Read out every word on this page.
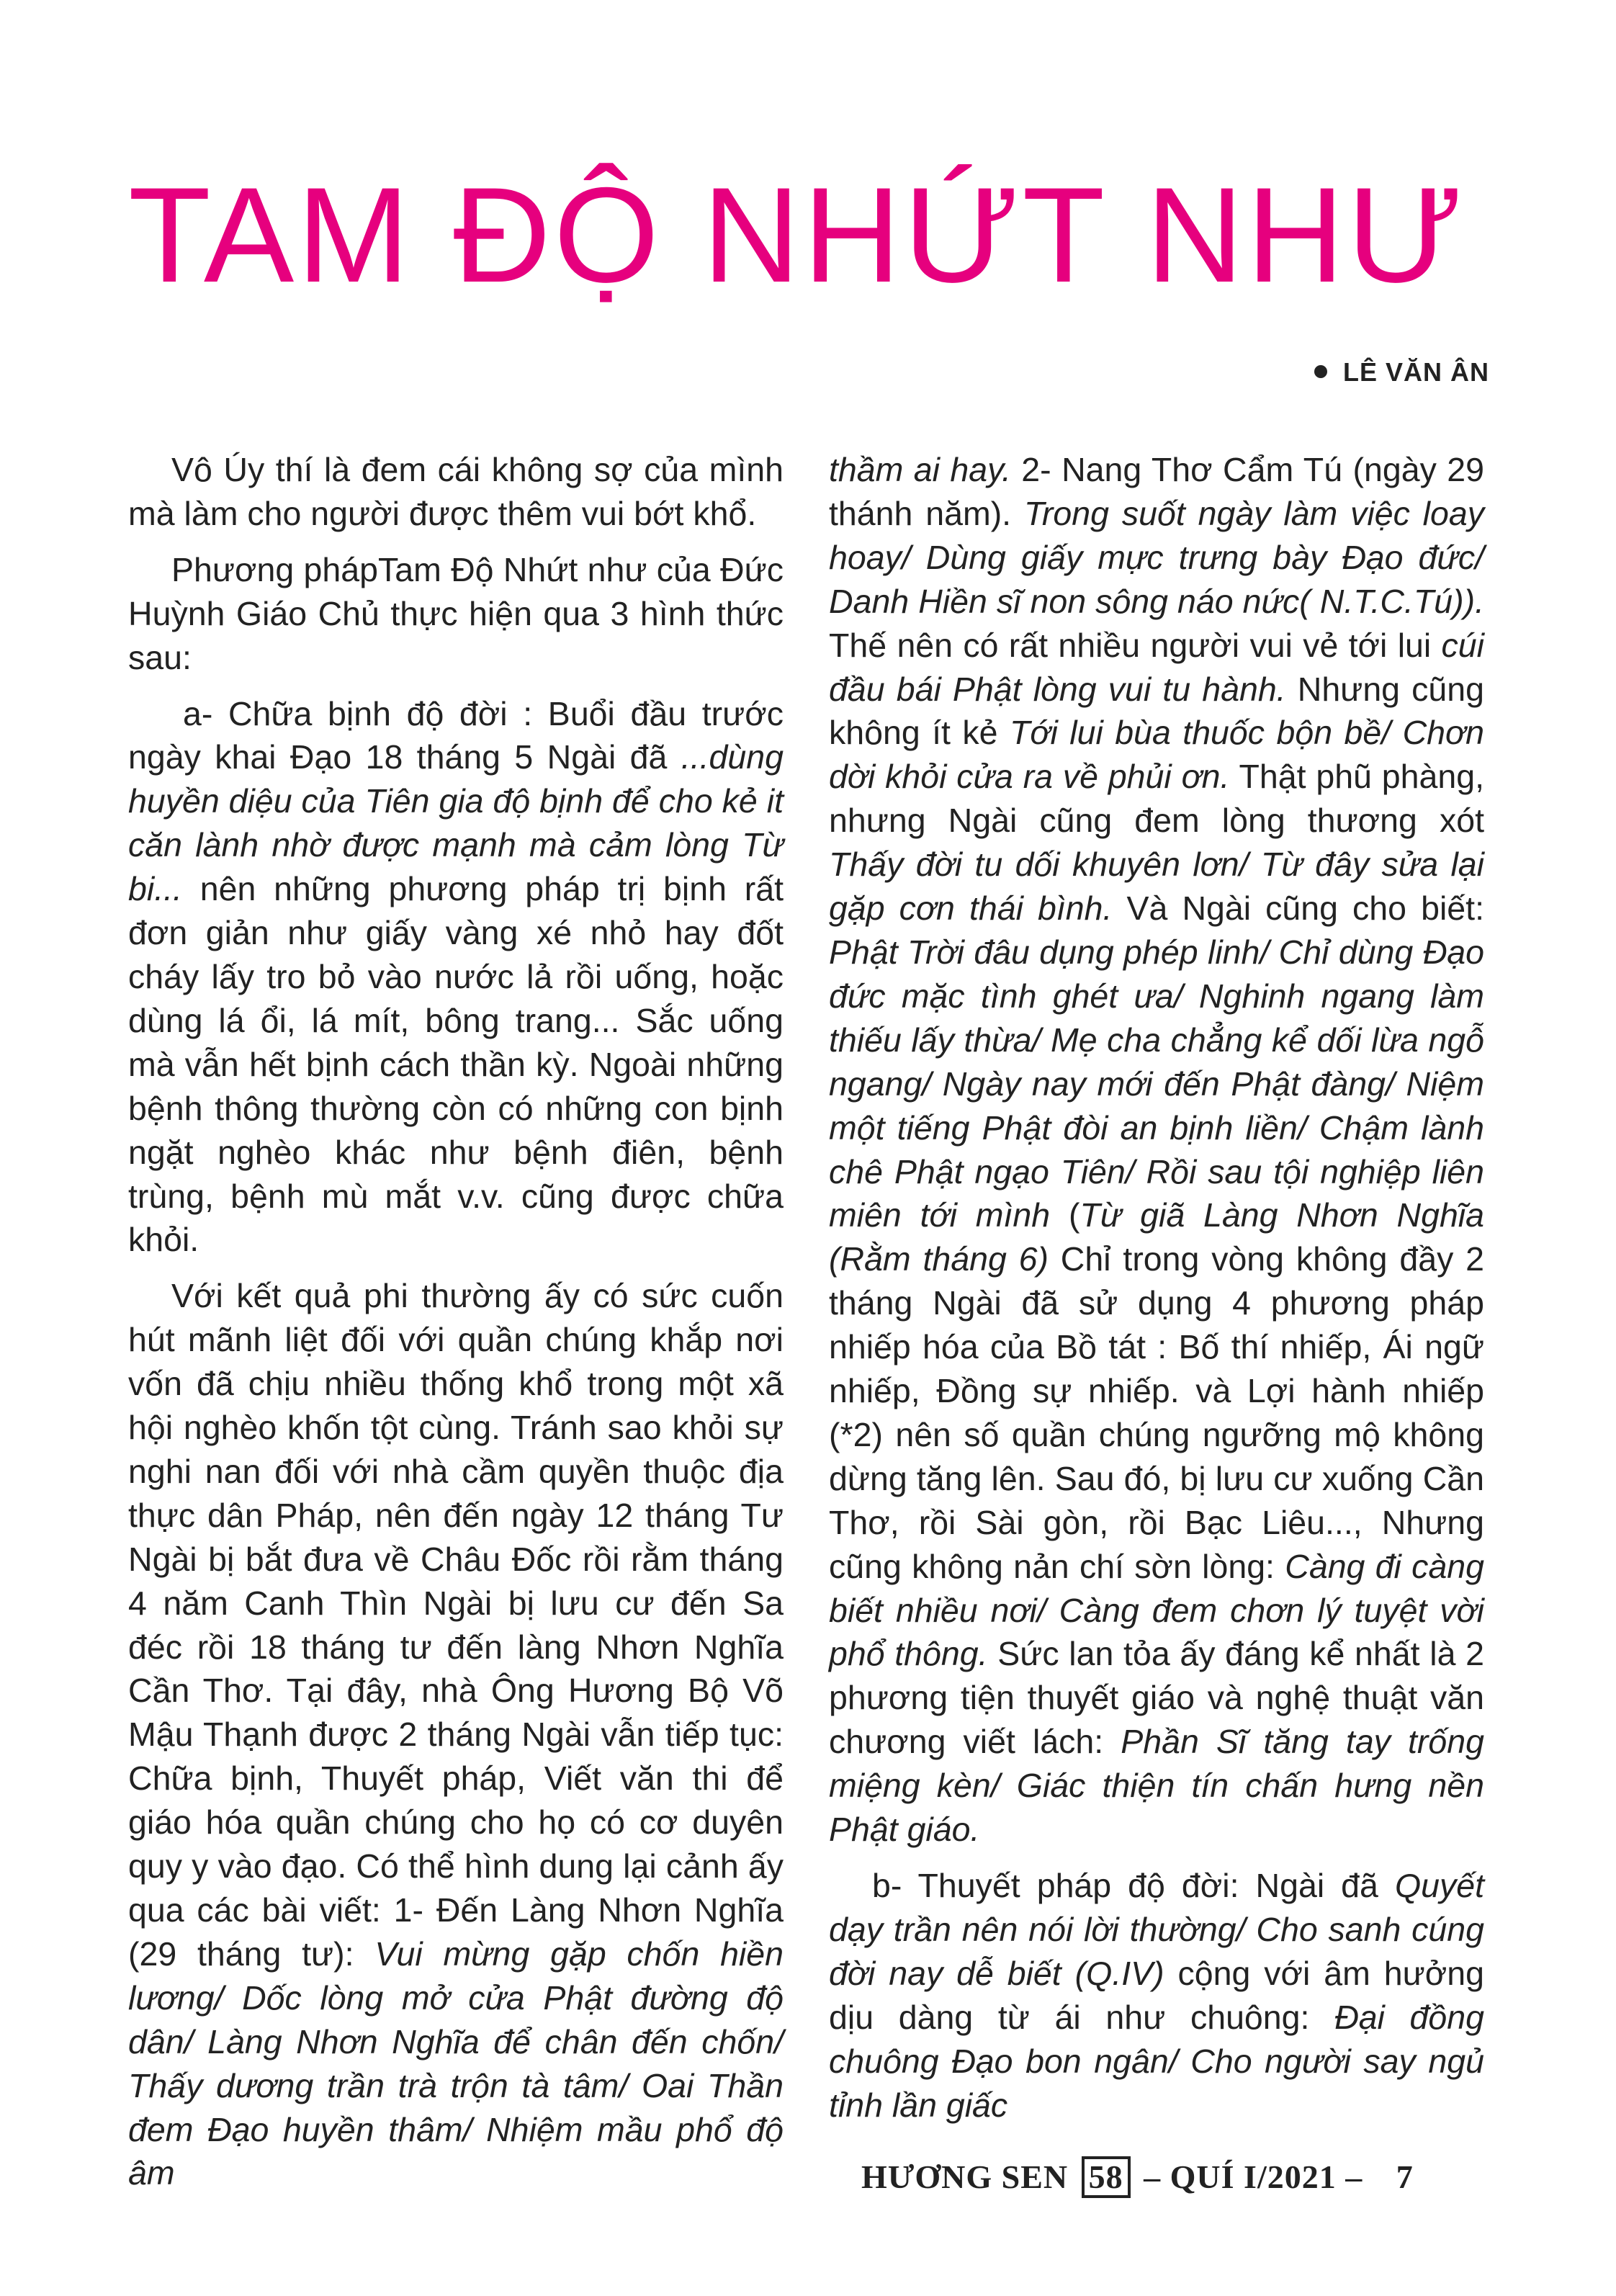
TAM ĐỘ NHỨT NHƯ
LÊ VĂN ÂN

Vô Úy thí là đem cái không sợ của mình mà làm cho người được thêm vui bớt khổ.

Phương phápTam Độ Nhứt như của Đức Huỳnh Giáo Chủ thực hiện qua 3 hình thức sau:

a- Chữa bịnh độ đời : Buổi đầu trước ngày khai Đạo 18 tháng 5 Ngài đã ...dùng huyền diệu của Tiên gia độ bịnh để cho kẻ it căn lành nhờ được mạnh mà cảm lòng Từ bi... nên những phương pháp trị bịnh rất đơn giản như giấy vàng xé nhỏ hay đốt cháy lấy tro bỏ vào nước lả rồi uống, hoặc dùng lá ổi, lá mít, bông trang... Sắc uống mà vẫn hết bịnh cách thần kỳ. Ngoài những bệnh thông thường còn có những con bịnh ngặt nghèo khác như bệnh điên, bệnh trùng, bệnh mù mắt v.v. cũng được chữa khỏi.

Với kết quả phi thường ấy có sức cuốn hút mãnh liệt đối với quần chúng khắp nơi vốn đã chịu nhiều thống khổ trong một xã hội nghèo khốn tột cùng. Tránh sao khỏi sự nghi nan đối với nhà cầm quyền thuộc địa thực dân Pháp, nên đến ngày 12 tháng Tư Ngài bị bắt đưa về Châu Đốc rồi rằm tháng 4 năm Canh Thìn Ngài bị lưu cư đến Sa đéc rồi 18 tháng tư đến làng Nhơn Nghĩa Cần Thơ. Tại đây, nhà Ông Hương Bộ Võ Mậu Thạnh được 2 tháng Ngài vẫn tiếp tục: Chữa bịnh, Thuyết pháp, Viết văn thi để giáo hóa quần chúng cho họ có cơ duyên quy y vào đạo. Có thể hình dung lại cảnh ấy qua các bài viết: 1- Đến Làng Nhơn Nghĩa (29 tháng tư): Vui mừng gặp chốn hiền lương/ Dốc lòng mở cửa Phật đường độ dân/ Làng Nhơn Nghĩa để chân đến chốn/ Thấy dương trần trà trộn tà tâm/ Oai Thần đem Đạo huyền thâm/ Nhiệm mầu phổ độ âm

thầm ai hay. 2- Nang Thơ Cẩm Tú (ngày 29 thánh năm). Trong suốt ngày làm việc loay hoay/ Dùng giấy mực trưng bày Đạo đức/ Danh Hiền sĩ non sông náo nức( N.T.C.Tú)). Thế nên có rất nhiều người vui vẻ tới lui cúi đầu bái Phật lòng vui tu hành. Nhưng cũng không ít kẻ Tới lui bùa thuốc bộn bề/ Chơn dời khỏi cửa ra về phủi ơn. Thật phũ phàng, nhưng Ngài cũng đem lòng thương xót Thấy đời tu dối khuyên lơn/ Từ đây sửa lại gặp cơn thái bình. Và Ngài cũng cho biết: Phật Trời đâu dụng phép linh/ Chỉ dùng Đạo đức mặc tình ghét ưa/ Nghinh ngang làm thiếu lấy thừa/ Mẹ cha chẳng kể dối lừa ngỗ ngang/ Ngày nay mới đến Phật đàng/ Niệm một tiếng Phật đòi an bịnh liền/ Chậm lành chê Phật ngạo Tiên/ Rồi sau tội nghiệp liên miên tới mình (Từ giã Làng Nhơn Nghĩa (Rằm tháng 6) Chỉ trong vòng không đầy 2 tháng Ngài đã sử dụng 4 phương pháp nhiếp hóa của Bồ tát : Bố thí nhiếp, Ái ngữ nhiếp, Đồng sự nhiếp. và Lợi hành nhiếp (*2) nên số quần chúng ngưỡng mộ không dừng tăng lên. Sau đó, bị lưu cư xuống Cần Thơ, rồi Sài gòn, rồi Bạc Liêu..., Nhưng cũng không nản chí sờn lòng: Càng đi càng biết nhiều nơi/ Càng đem chơn lý tuyệt vời phổ thông. Sức lan tỏa ấy đáng kể nhất là 2 phương tiện thuyết giáo và nghệ thuật văn chương viết lách: Phần Sĩ tăng tay trống miệng kèn/ Giác thiện tín chấn hưng nền Phật giáo.

b- Thuyết pháp độ đời: Ngài đã Quyết dạy trần nên nói lời thường/ Cho sanh cúng đời nay dễ biết (Q.IV) cộng với âm hưởng dịu dàng từ ái như chuông: Đại đồng chuông Đạo bon ngân/ Cho người say ngủ tỉnh lần giấc

HƯƠNG SEN 58 – QUÍ I/2021 – 7
